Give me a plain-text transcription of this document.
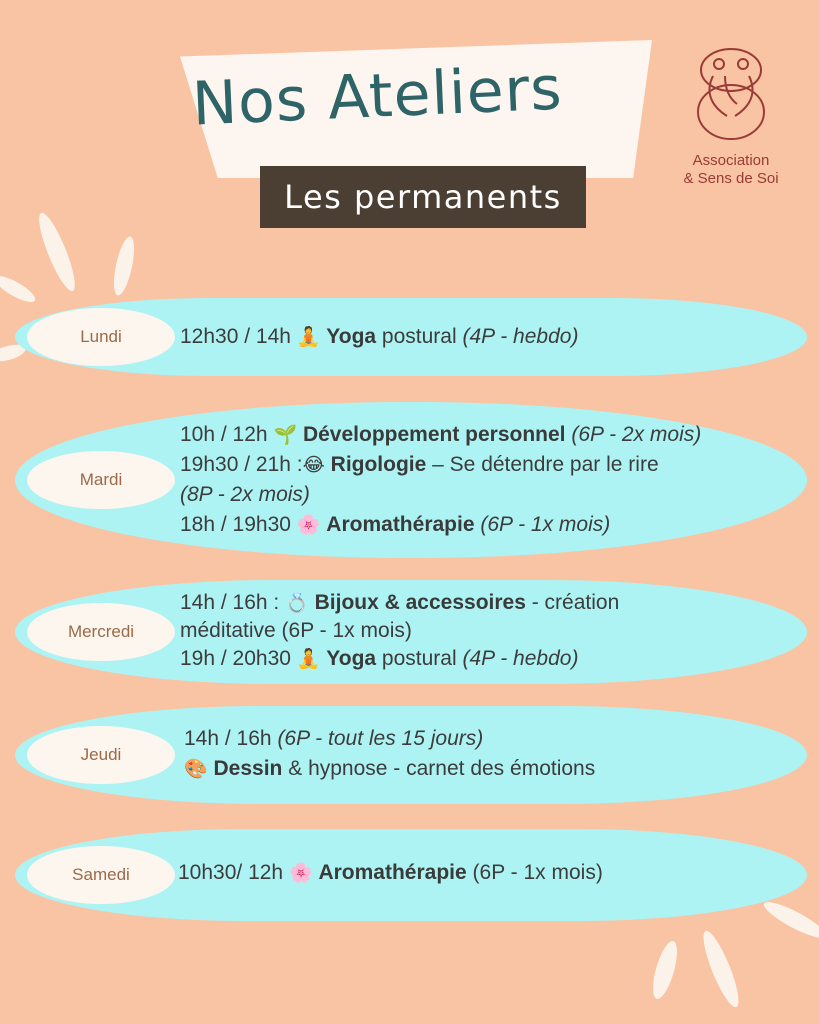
Nos Ateliers
Les permanents
Association
& Sens de Soi
Lundi	12h30 / 14h 🧘 Yoga postural (4P - hebdo)
Mardi
10h / 12h 🌱 Développement personnel (6P - 2x mois)
19h30 / 21h :😂 Rigologie – Se détendre par le rire
(8P - 2x mois)
18h / 19h30 🌸 Aromathérapie (6P - 1x mois)
Mercredi
14h / 16h : 💍 Bijoux & accessoires - création
méditative (6P - 1x mois)
19h / 20h30 🧘 Yoga postural (4P - hebdo)
Jeudi
14h / 16h (6P - tout les 15 jours)
🎨 Dessin & hypnose - carnet des émotions
Samedi	10h30/ 12h 🌸 Aromathérapie (6P - 1x mois)
